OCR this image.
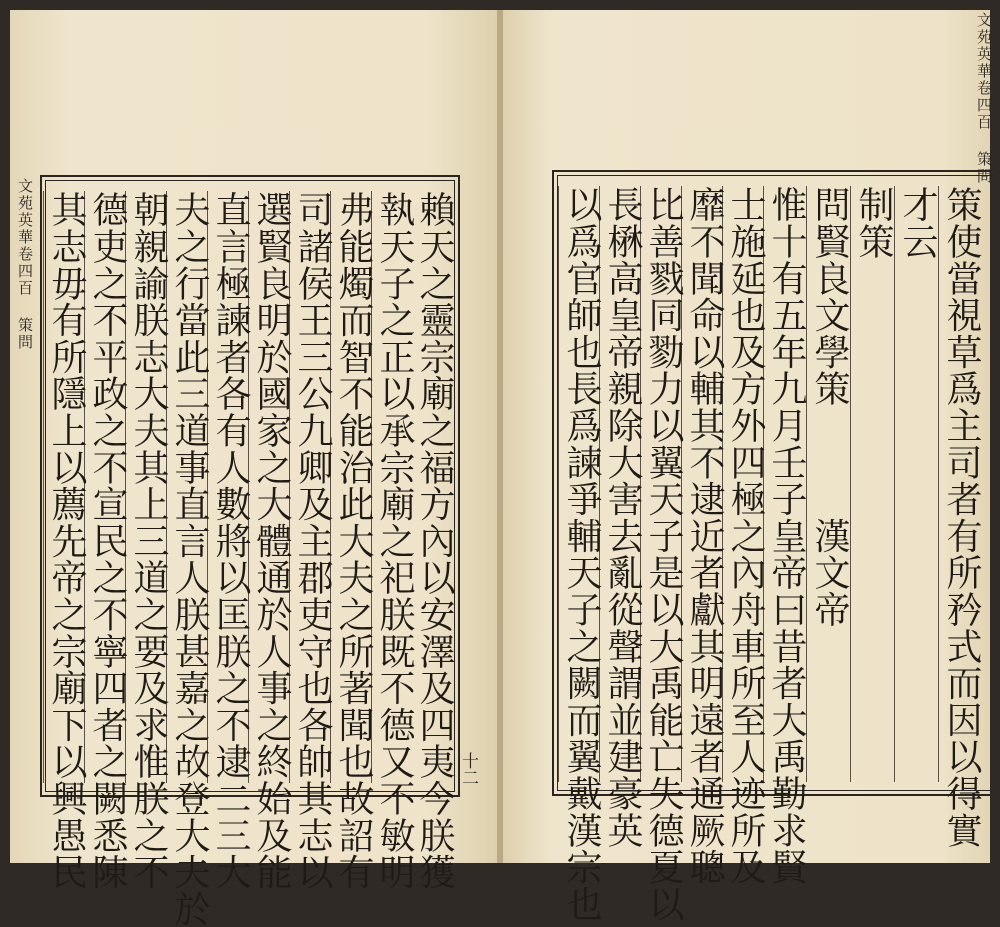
賴天之靈宗廟之福方內以安澤及四夷今朕獲
執天子之正以承宗廟之祀朕既不德又不敏明
弗能燭而智不能治此大夫之所著聞也故詔有
司諸侯王三公九卿及主郡吏守也各帥其志以
選賢良明於國家之大體通於人事之終始及能
直言極諫者各有人數將以匡朕之不逮二三大
夫之行當此三道事直言人朕甚嘉之故登大夫於
朝親諭朕志大夫其上三道之要及求惟朕之不
德吏之不平政之不宣民之不寧四者之闕悉陳
其志毋有所隱上以薦先帝之宗廟下以興愚民
文苑英華卷四百 策問
十二	策使當視草爲主司者有所矜式而因以得實
才云
制策
問賢良文學策　　　漢文帝
惟十有五年九月壬子皇帝曰昔者大禹勤求賢
士施延也及方外四極之內舟車所至人迹所及
靡不聞命以輔其不逮近者獻其明遠者通厥聰
比善戮同勠力以翼天子是以大禹能亡失德夏以
長楙高皇帝親除大害去亂從聲謂並建豪英
以爲官師也長爲諫爭輔天子之闕而翼戴漢宗也
文苑英華卷四百 策問
